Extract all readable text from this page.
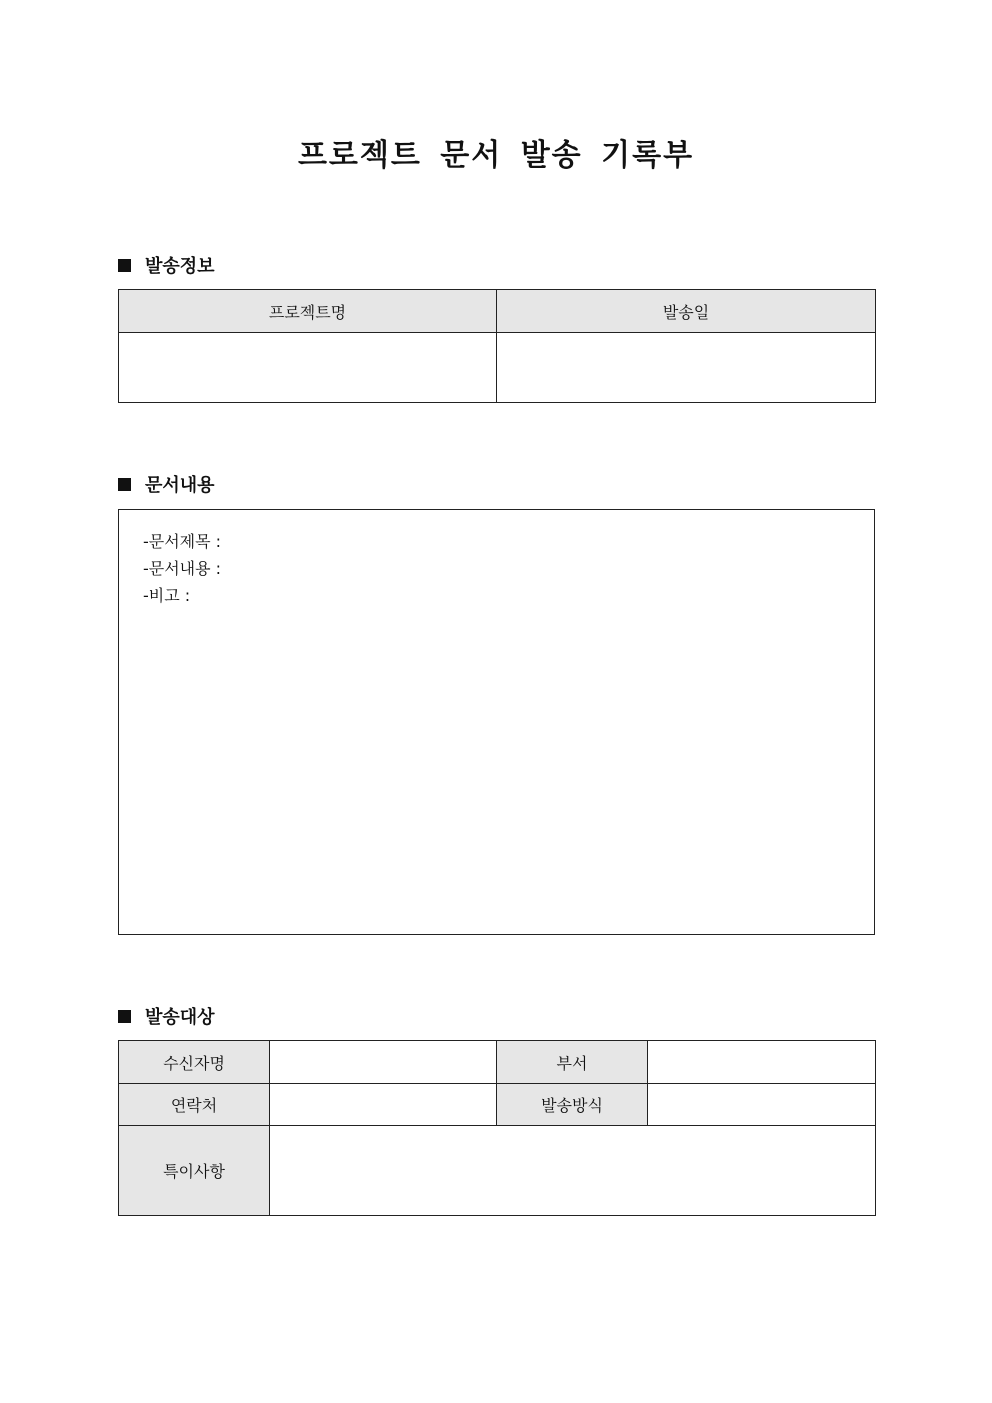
프로젝트 문서 발송 기록부
발송정보
프로젝트명	발송일

문서내용
-문서제목 :
-문서내용 :
-비고 :
발송대상
수신자명		부서	
연락처		발송방식	
특이사항			
